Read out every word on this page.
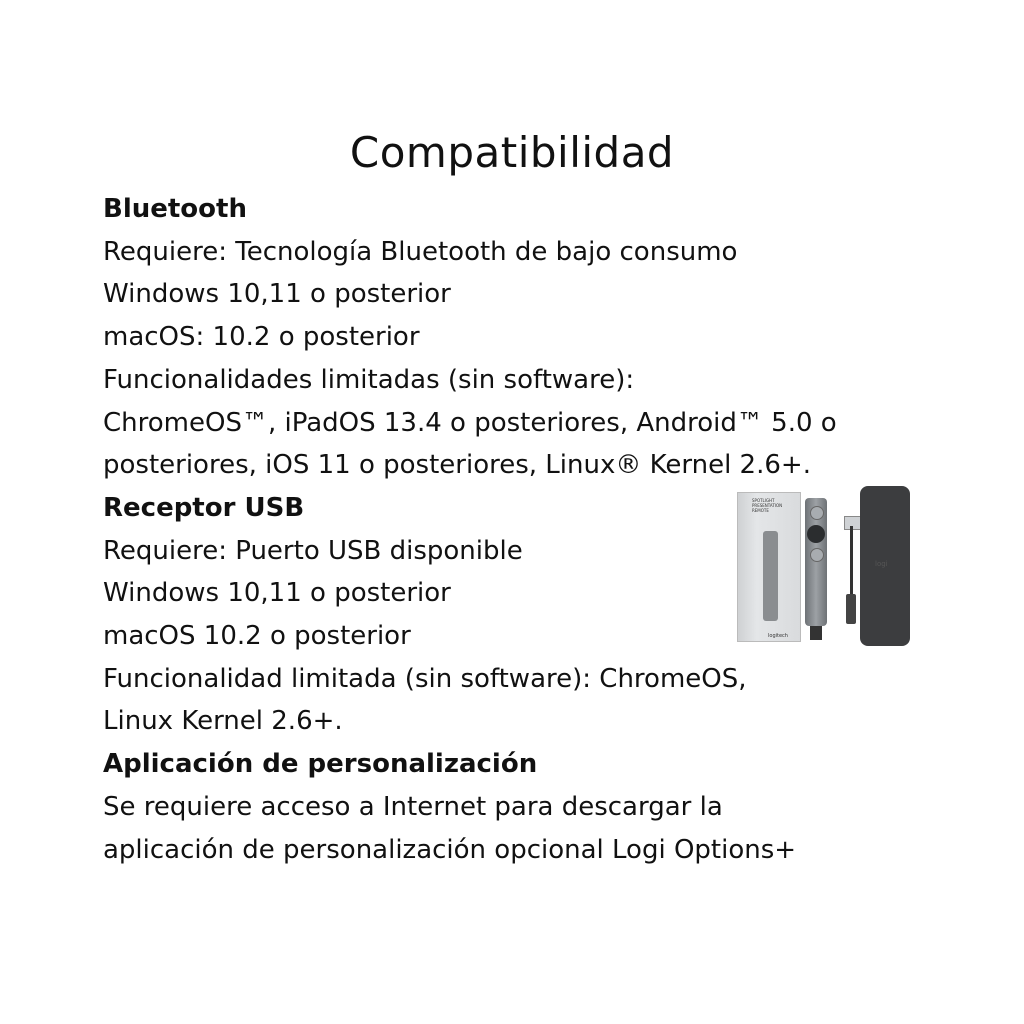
Compatibilidad
Bluetooth
Requiere: Tecnología Bluetooth de bajo consumo
Windows 10,11 o posterior
macOS: 10.2 o posterior
Funcionalidades limitadas (sin software):
ChromeOS™, iPadOS 13.4 o posteriores, Android™ 5.0 o
posteriores, iOS 11 o posteriores, Linux® Kernel 2.6+.
Receptor USB
Requiere: Puerto USB disponible
Windows 10,11 o posterior
macOS 10.2 o posterior
Funcionalidad limitada (sin software): ChromeOS,
Linux Kernel 2.6+.
Aplicación de personalización
Se requiere acceso a Internet para descargar la
aplicación de personalización opcional Logi Options+
SPOTLIGHT PRESENTATION REMOTE
logitech
logi
